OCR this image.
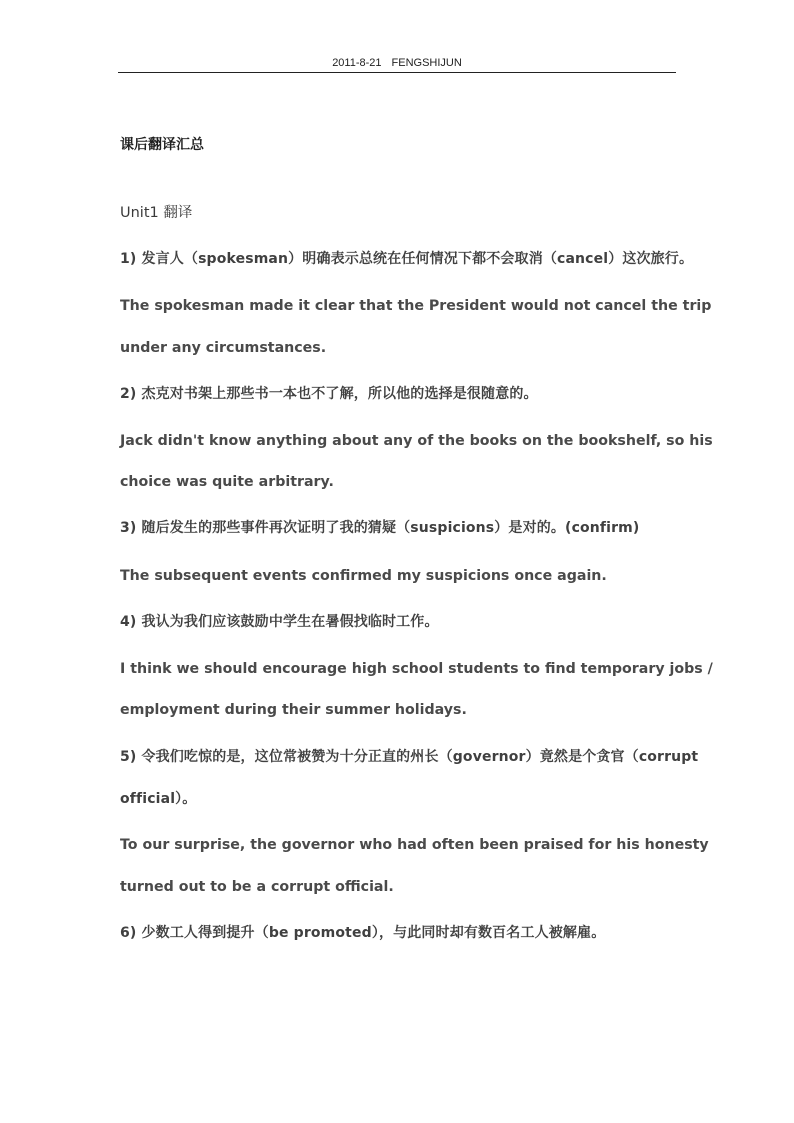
2011-8-21 FENGSHIJUN
课后翻译汇总
Unit1 翻译
1) 发言人（spokesman）明确表示总统在任何情况下都不会取消（cancel）这次旅行。
The spokesman made it clear that the President would not cancel the trip
under any circumstances.
2) 杰克对书架上那些书一本也不了解，所以他的选择是很随意的。
Jack didn't know anything about any of the books on the bookshelf, so his
choice was quite arbitrary.
3) 随后发生的那些事件再次证明了我的猜疑（suspicions）是对的。(confirm)
The subsequent events confirmed my suspicions once again.
4) 我认为我们应该鼓励中学生在暑假找临时工作。
I think we should encourage high school students to find temporary jobs /
employment during their summer holidays.
5) 令我们吃惊的是，这位常被赞为十分正直的州长（governor）竟然是个贪官（corrupt
official）。
To our surprise, the governor who had often been praised for his honesty
turned out to be a corrupt official.
6) 少数工人得到提升（be promoted），与此同时却有数百名工人被解雇。
